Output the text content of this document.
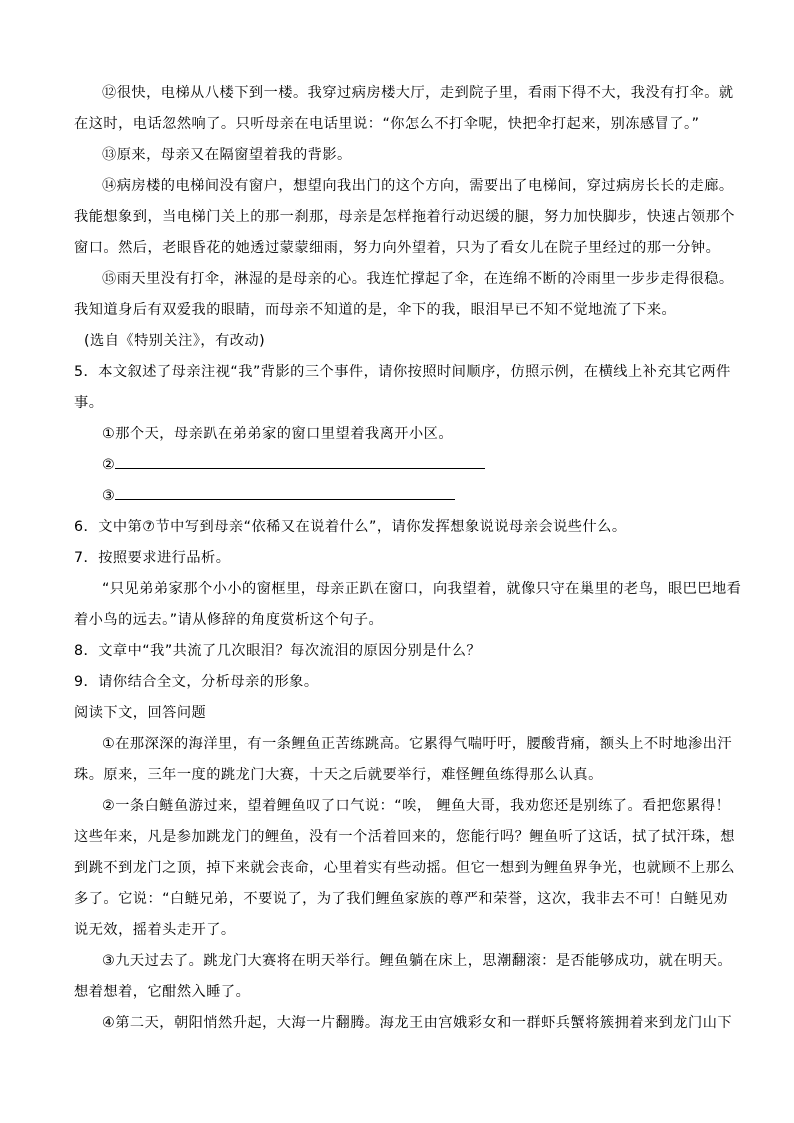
⑫很快，电梯从八楼下到一楼。我穿过病房楼大厅，走到院子里，看雨下得不大，我没有打伞。就
在这时，电话忽然响了。只听母亲在电话里说：“你怎么不打伞呢，快把伞打起来，别冻感冒了。”
⑬原来，母亲又在隔窗望着我的背影。
⑭病房楼的电梯间没有窗户，想望向我出门的这个方向，需要出了电梯间，穿过病房长长的走廊。
我能想象到，当电梯门关上的那一刹那，母亲是怎样拖着行动迟缓的腿，努力加快脚步，快速占领那个
窗口。然后，老眼昏花的她透过蒙蒙细雨，努力向外望着，只为了看女儿在院子里经过的那一分钟。
⑮雨天里没有打伞，淋湿的是母亲的心。我连忙撑起了伞，在连绵不断的冷雨里一步步走得很稳。
我知道身后有双爱我的眼睛，而母亲不知道的是，伞下的我，眼泪早已不知不觉地流了下来。
(选自《特别关注》，有改动)
5．本文叙述了母亲注视“我”背影的三个事件，请你按照时间顺序，仿照示例，在横线上补充其它两件
事。
①那个天，母亲趴在弟弟家的窗口里望着我离开小区。
②
③
6．文中第⑦节中写到母亲“依稀又在说着什么”，请你发挥想象说说母亲会说些什么。
7．按照要求进行品析。
“只见弟弟家那个小小的窗框里，母亲正趴在窗口，向我望着，就像只守在巢里的老鸟，眼巴巴地看
着小鸟的远去。”请从修辞的角度赏析这个句子。
8．文章中“我”共流了几次眼泪？每次流泪的原因分别是什么？
9．请你结合全文，分析母亲的形象。
阅读下文，回答问题
①在那深深的海洋里，有一条鲤鱼正苦练跳高。它累得气喘吁吁，腰酸背痛，额头上不时地渗出汗
珠。原来，三年一度的跳龙门大赛，十天之后就要举行，难怪鲤鱼练得那么认真。
②一条白鲢鱼游过来，望着鲤鱼叹了口气说：“唉， 鲤鱼大哥，我劝您还是别练了。看把您累得！
这些年来，凡是参加跳龙门的鲤鱼，没有一个活着回来的，您能行吗？鲤鱼听了这话，拭了拭汗珠，想
到跳不到龙门之顶，掉下来就会丧命，心里着实有些动摇。但它一想到为鲤鱼界争光，也就顾不上那么
多了。它说：“白鲢兄弟，不要说了，为了我们鲤鱼家族的尊严和荣誉，这次，我非去不可！白鲢见劝
说无效，摇着头走开了。
③九天过去了。跳龙门大赛将在明天举行。鲤鱼躺在床上，思潮翻滚：是否能够成功，就在明天。
想着想着，它酣然入睡了。
④第二天，朝阳悄然升起，大海一片翻腾。海龙王由宫娥彩女和一群虾兵蟹将簇拥着来到龙门山下
